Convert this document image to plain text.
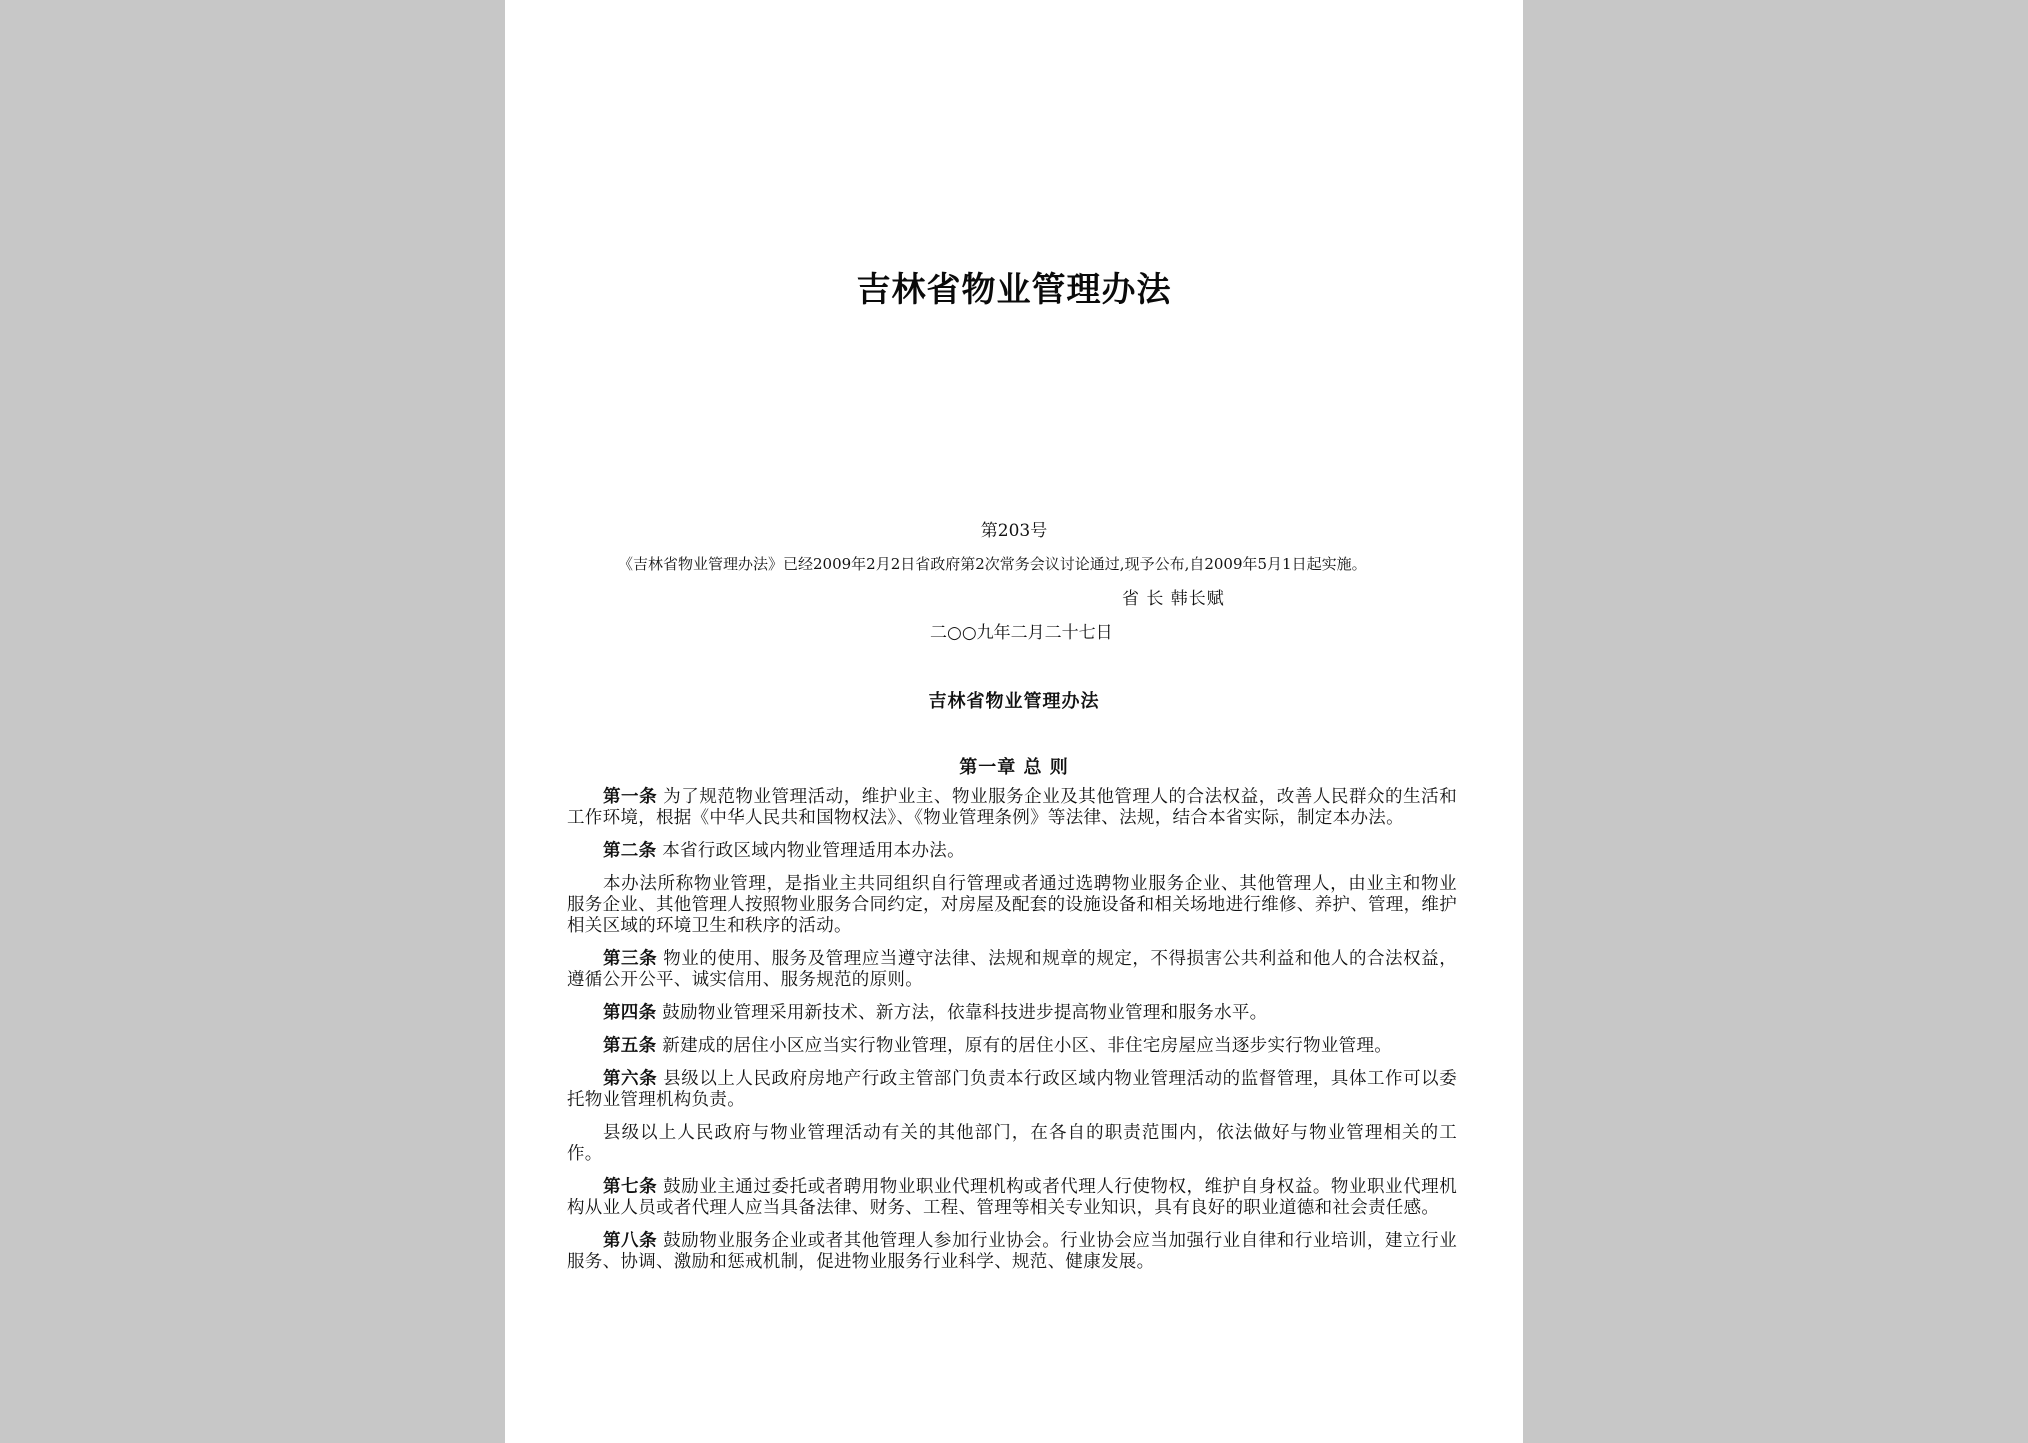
吉林省物业管理办法

第203号

《吉林省物业管理办法》已经2009年2月2日省政府第2次常务会议讨论通过,现予公布,自2009年5月1日起实施。

省 长 韩长赋

二○○九年二月二十七日

吉林省物业管理办法
第一章 总 则

第一条 为了规范物业管理活动，维护业主、物业服务企业及其他管理人的合法权益，改善人民群众的生活和工作环境，根据《中华人民共和国物权法》、《物业管理条例》等法律、法规，结合本省实际，制定本办法。

第二条 本省行政区域内物业管理适用本办法。

本办法所称物业管理，是指业主共同组织自行管理或者通过选聘物业服务企业、其他管理人，由业主和物业服务企业、其他管理人按照物业服务合同约定，对房屋及配套的设施设备和相关场地进行维修、养护、管理，维护相关区域的环境卫生和秩序的活动。

第三条 物业的使用、服务及管理应当遵守法律、法规和规章的规定，不得损害公共利益和他人的合法权益，遵循公开公平、诚实信用、服务规范的原则。

第四条 鼓励物业管理采用新技术、新方法，依靠科技进步提高物业管理和服务水平。

第五条 新建成的居住小区应当实行物业管理，原有的居住小区、非住宅房屋应当逐步实行物业管理。

第六条 县级以上人民政府房地产行政主管部门负责本行政区域内物业管理活动的监督管理，具体工作可以委托物业管理机构负责。

县级以上人民政府与物业管理活动有关的其他部门，在各自的职责范围内，依法做好与物业管理相关的工作。

第七条 鼓励业主通过委托或者聘用物业职业代理机构或者代理人行使物权，维护自身权益。物业职业代理机构从业人员或者代理人应当具备法律、财务、工程、管理等相关专业知识，具有良好的职业道德和社会责任感。

第八条 鼓励物业服务企业或者其他管理人参加行业协会。行业协会应当加强行业自律和行业培训，建立行业服务、协调、激励和惩戒机制，促进物业服务行业科学、规范、健康发展。
